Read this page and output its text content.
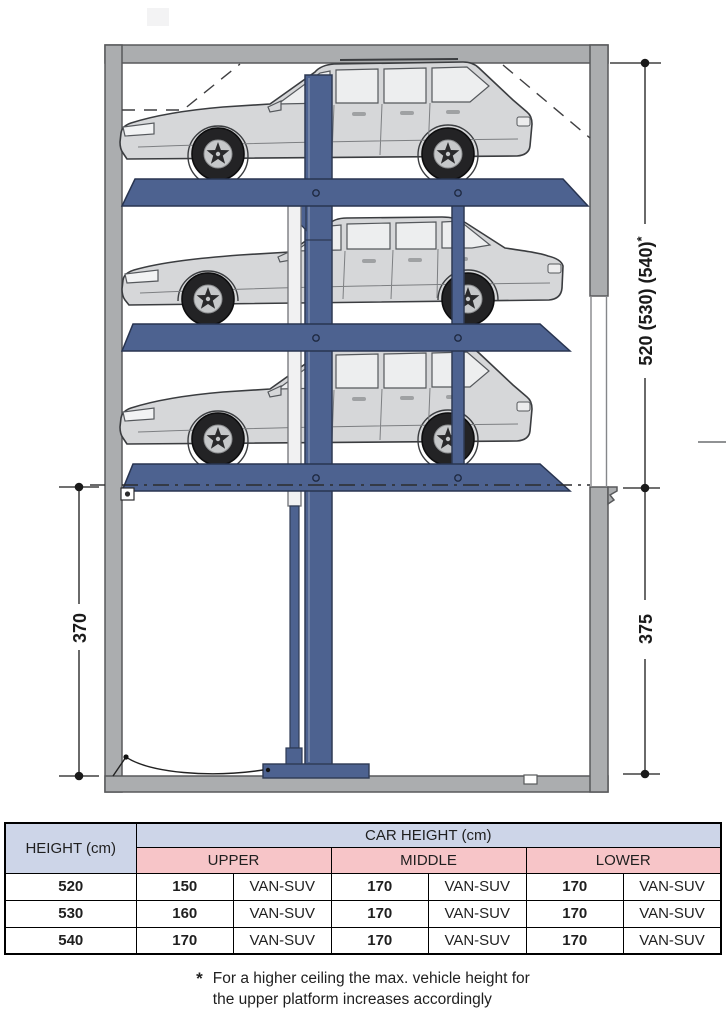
520 (530) (540)*
375
370
HEIGHT (cm)	CAR HEIGHT (cm)					
	UPPER		MIDDLE		LOWER	
520	150	VAN-SUV	170	VAN-SUV	170	VAN-SUV
530	160	VAN-SUV	170	VAN-SUV	170	VAN-SUV
540	170	VAN-SUV	170	VAN-SUV	170	VAN-SUV
* For a higher ceiling the max. vehicle height for
the upper platform increases accordingly
